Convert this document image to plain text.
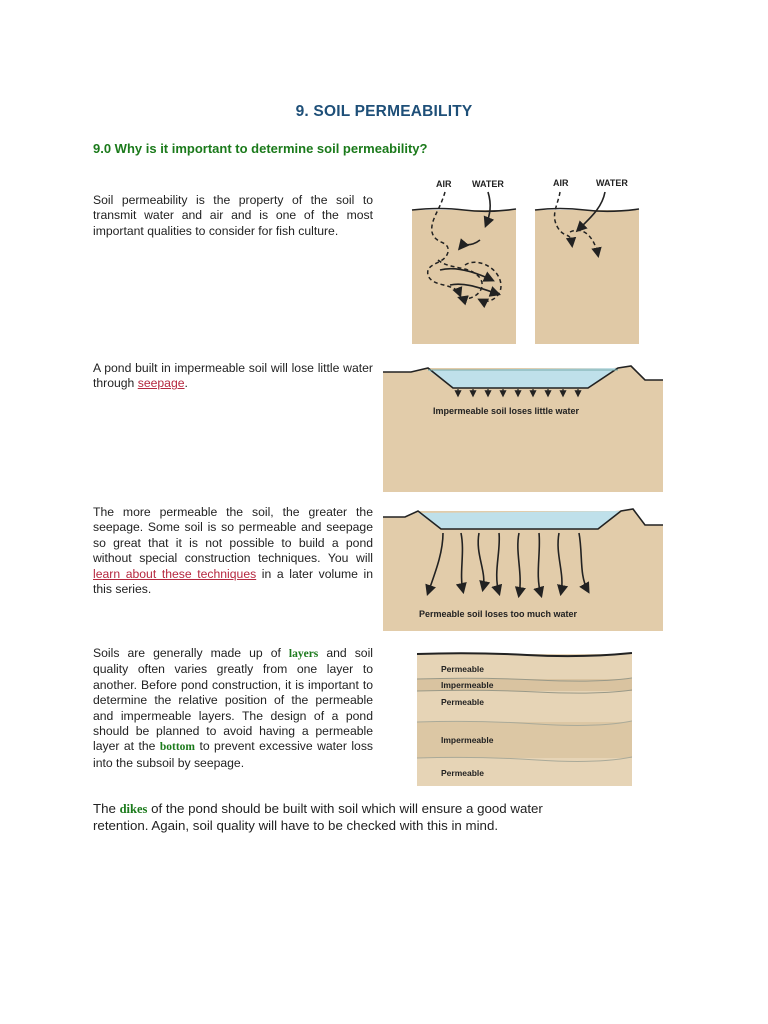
9. SOIL PERMEABILITY
9.0 Why is it important to determine soil permeability?
Soil permeability is the property of the soil to transmit water and air and is one of the most important qualities to consider for fish culture.
A pond built in impermeable soil will lose little water through seepage.
The more permeable the soil, the greater the seepage. Some soil is so permeable and seepage so great that it is not possible to build a pond without special construction techniques. You will learn about these techniques in a later volume in this series.
Soils are generally made up of layers and soil quality often varies greatly from one layer to another. Before pond construction, it is important to determine the relative position of the permeable and impermeable layers. The design of a pond should be planned to avoid having a permeable layer at the bottom to prevent excessive water loss into the subsoil by seepage.
The dikes of the pond should be built with soil which will ensure a good water retention. Again, soil quality will have to be checked with this in mind.
AIR WATER	AIR	WATER
Impermeable soil loses little water
Permeable soil loses too much water
Permeable
Impermeable
Permeable
Impermeable
Permeable
